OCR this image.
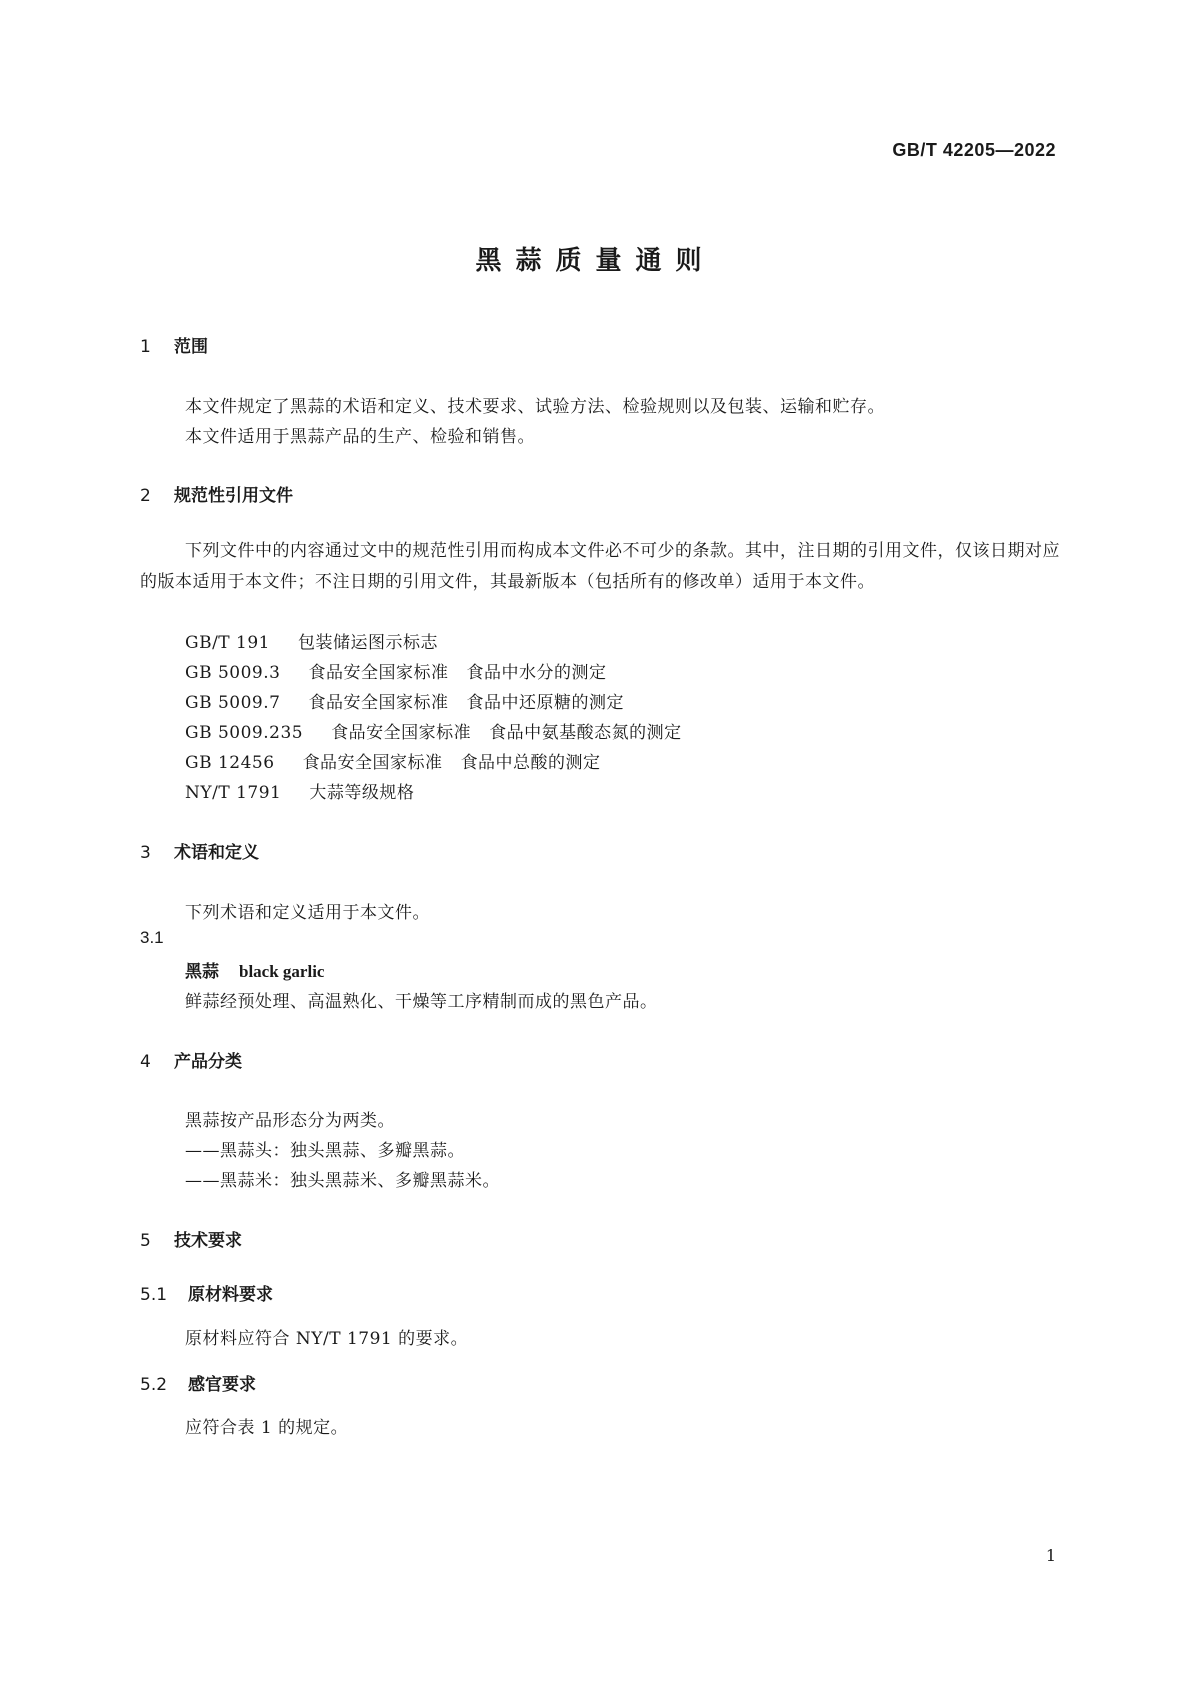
GB/T 42205—2022
黑蒜质量通则
1 范围
本文件规定了黑蒜的术语和定义、技术要求、试验方法、检验规则以及包装、运输和贮存。
本文件适用于黑蒜产品的生产、检验和销售。
2 规范性引用文件
下列文件中的内容通过文中的规范性引用而构成本文件必不可少的条款。其中，注日期的引用文件，仅该日期对应的版本适用于本文件；不注日期的引用文件，其最新版本（包括所有的修改单）适用于本文件。
GB/T 191 包装储运图示标志
GB 5009.3 食品安全国家标准 食品中水分的测定
GB 5009.7 食品安全国家标准 食品中还原糖的测定
GB 5009.235 食品安全国家标准 食品中氨基酸态氮的测定
GB 12456 食品安全国家标准 食品中总酸的测定
NY/T 1791 大蒜等级规格
3 术语和定义
下列术语和定义适用于本文件。
3.1
黑蒜 black garlic
鲜蒜经预处理、高温熟化、干燥等工序精制而成的黑色产品。
4 产品分类
黑蒜按产品形态分为两类。
——黑蒜头：独头黑蒜、多瓣黑蒜。
——黑蒜米：独头黑蒜米、多瓣黑蒜米。
5 技术要求
5.1 原材料要求
原材料应符合 NY/T 1791 的要求。
5.2 感官要求
应符合表 1 的规定。
1
